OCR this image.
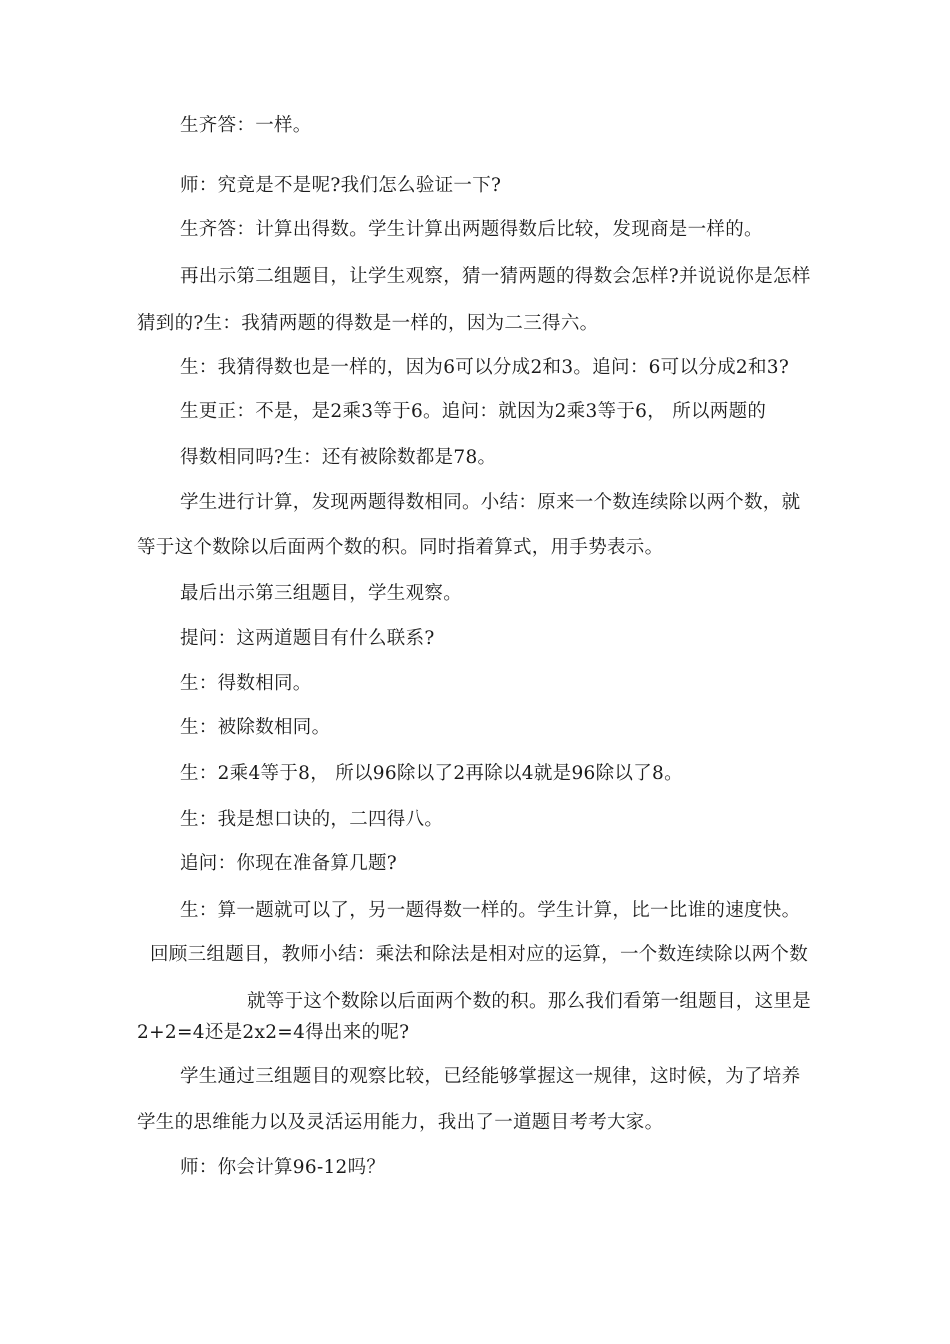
生齐答：一样。
师：究竟是不是呢?我们怎么验证一下?
生齐答：计算出得数。学生计算出两题得数后比较，发现商是一样的。
再出示第二组题目，让学生观察，猜一猜两题的得数会怎样?并说说你是怎样
猜到的?生：我猜两题的得数是一样的，因为二三得六。
生：我猜得数也是一样的，因为6可以分成2和3。追问：6可以分成2和3?
生更正：不是，是2乘3等于6。追问：就因为2乘3等于6， 所以两题的
得数相同吗?生：还有被除数都是78。
学生进行计算，发现两题得数相同。小结：原来一个数连续除以两个数，就
等于这个数除以后面两个数的积。同时指着算式，用手势表示。
最后出示第三组题目，学生观察。
提问：这两道题目有什么联系?
生：得数相同。
生：被除数相同。
生：2乘4等于8， 所以96除以了2再除以4就是96除以了8。
生：我是想口诀的，二四得八。
追问：你现在准备算几题?
生：算一题就可以了，另一题得数一样的。学生计算，比一比谁的速度快。
回顾三组题目，教师小结：乘法和除法是相对应的运算，一个数连续除以两个数
就等于这个数除以后面两个数的积。那么我们看第一组题目，这里是
2+2=4还是2x2=4得出来的呢?
学生通过三组题目的观察比较，已经能够掌握这一规律，这时候，为了培养
学生的思维能力以及灵活运用能力，我出了一道题目考考大家。
师：你会计算96-12吗？
